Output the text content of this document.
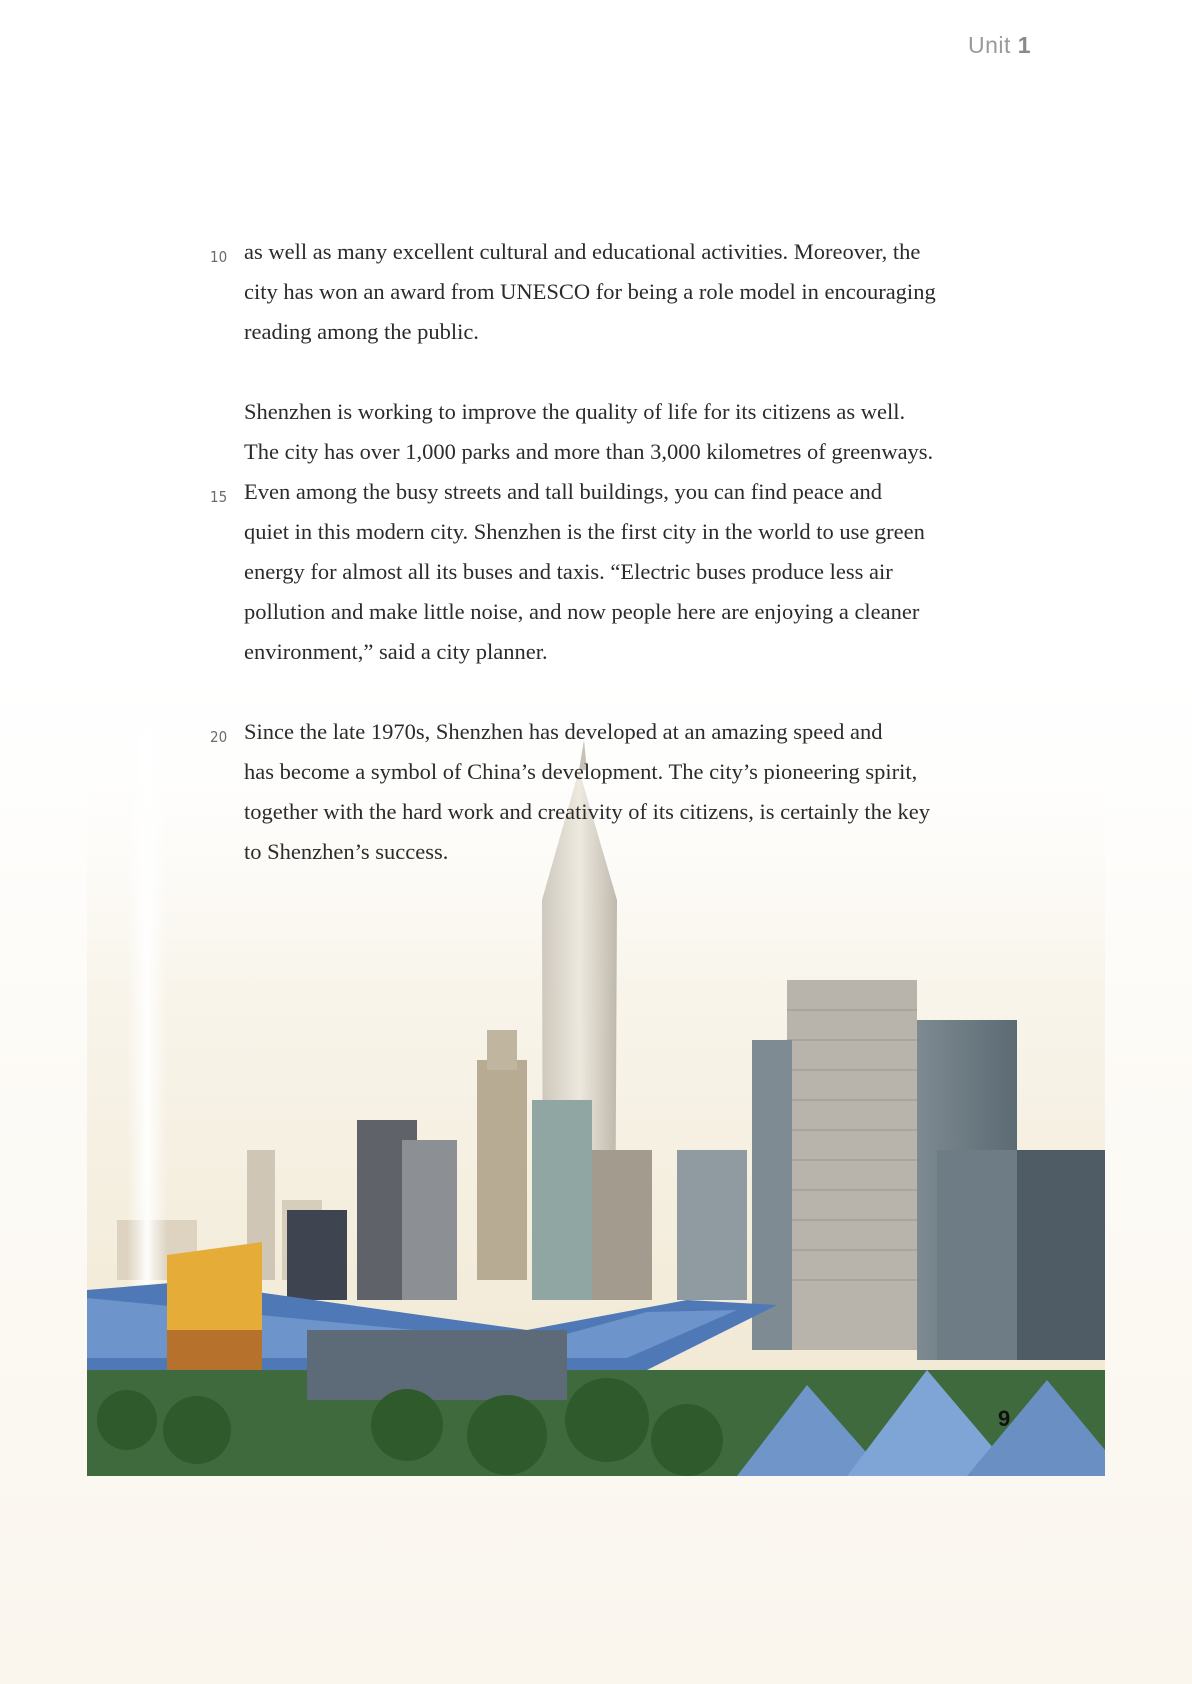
Unit 1
10
15
as well as many excellent cultural and educational activities. Moreover, the
city has won an award from UNESCO for being a role model in encouraging
reading among the public.
Shenzhen is working to improve the quality of life for its citizens as well.
The city has over 1,000 parks and more than 3,000 kilometres of greenways.
Even among the busy streets and tall buildings, you can find peace and
quiet in this modern city. Shenzhen is the first city in the world to use green
energy for almost all its buses and taxis. “Electric buses produce less air
pollution and make little noise, and now people here are enjoying a cleaner
environment,” said a city planner.
Since the late 1970s, Shenzhen has developed at an amazing speed and
has become a symbol of China’s development. The city’s pioneering spirit,
together with the hard work and creativity of its citizens, is certainly the key
to Shenzhen’s success.
9
